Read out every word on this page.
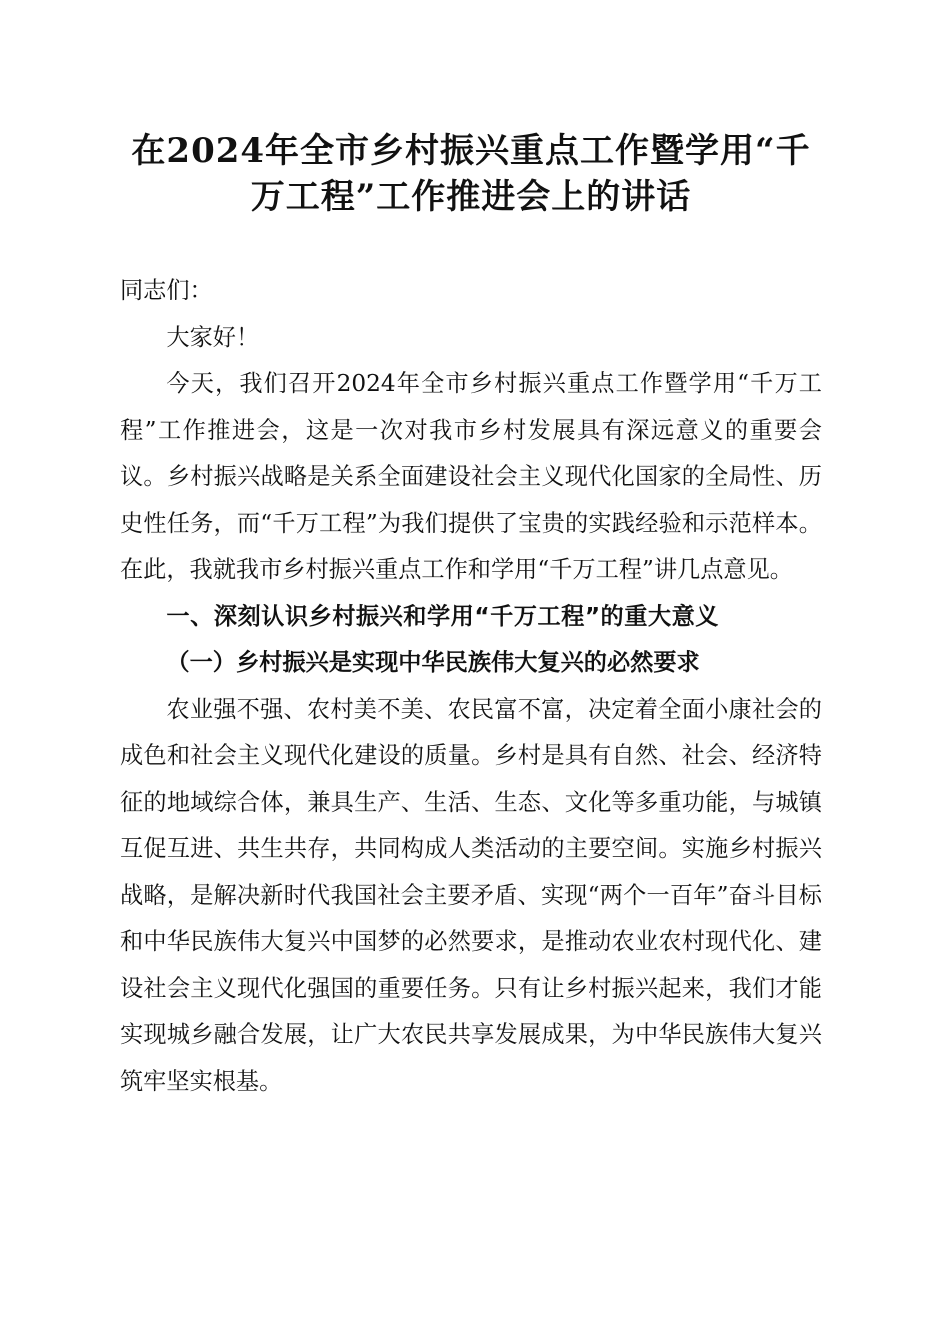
在2024年全市乡村振兴重点工作暨学用“千
万工程”工作推进会上的讲话

同志们：

大家好！

今天，我们召开2024年全市乡村振兴重点工作暨学用“千万工程”工作推进会，这是一次对我市乡村发展具有深远意义的重要会议。乡村振兴战略是关系全面建设社会主义现代化国家的全局性、历史性任务，而“千万工程”为我们提供了宝贵的实践经验和示范样本。在此，我就我市乡村振兴重点工作和学用“千万工程”讲几点意见。

一、深刻认识乡村振兴和学用“千万工程”的重大意义

（一）乡村振兴是实现中华民族伟大复兴的必然要求

农业强不强、农村美不美、农民富不富，决定着全面小康社会的成色和社会主义现代化建设的质量。乡村是具有自然、社会、经济特征的地域综合体，兼具生产、生活、生态、文化等多重功能，与城镇互促互进、共生共存，共同构成人类活动的主要空间。实施乡村振兴战略，是解决新时代我国社会主要矛盾、实现“两个一百年”奋斗目标和中华民族伟大复兴中国梦的必然要求，是推动农业农村现代化、建设社会主义现代化强国的重要任务。只有让乡村振兴起来，我们才能实现城乡融合发展，让广大农民共享发展成果，为中华民族伟大复兴筑牢坚实根基。
